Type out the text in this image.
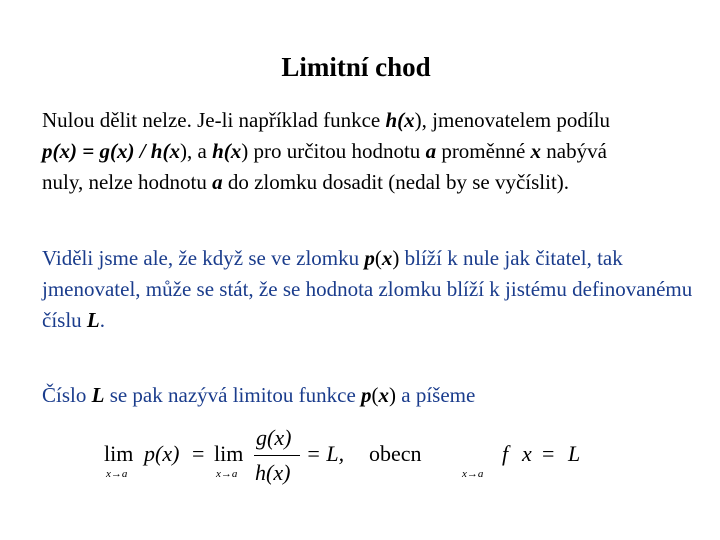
Limitní chod
Nulou dělit nelze. Je-li například funkce h(x), jmenovatelem podílu
p(x) = g(x) / h(x), a h(x) pro určitou hodnotu a proměnné x nabývá
nuly, nelze hodnotu a do zlomku dosadit (nedal by se vyčíslit).
Viděli jsme ale, že když se ve zlomku p(x) blíží k nule jak čitatel, tak jmenovatel, může se stát, že se hodnota zlomku blíží k jistému definovanému číslu L.
Číslo L se pak nazývá limitou funkce p(x) a píšeme
lim
x→a
p(x) = lim
x→a
g(x)
h(x)
= L, obecn
x→a
f x = L
